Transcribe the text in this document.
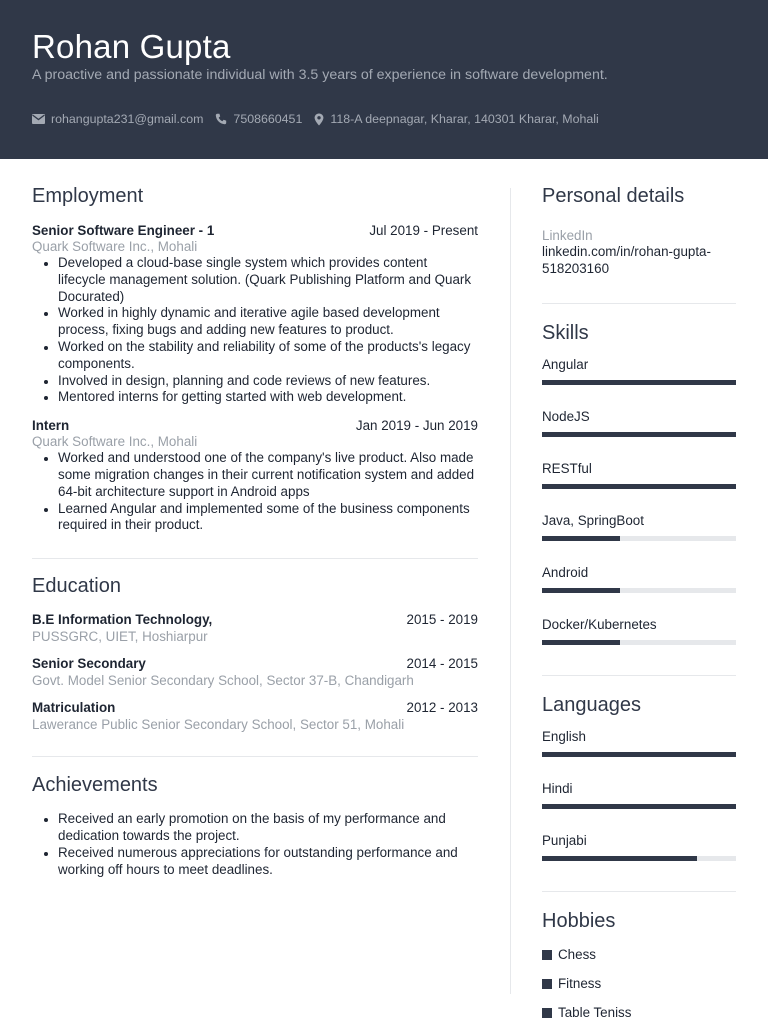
Rohan Gupta
A proactive and passionate individual with 3.5 years of experience in software development.
rohangupta231@gmail.com 7508660451 118-A deepnagar, Kharar, 140301 Kharar, Mohali
Employment
Senior Software Engineer - 1	Jul 2019 - Present
Quark Software Inc., Mohali
Developed a cloud-base single system which provides content lifecycle management solution. (Quark Publishing Platform and Quark Docurated)
Worked in highly dynamic and iterative agile based development process, fixing bugs and adding new features to product.
Worked on the stability and reliability of some of the products's legacy components.
Involved in design, planning and code reviews of new features.
Mentored interns for getting started with web development.
Intern	Jan 2019 - Jun 2019
Quark Software Inc., Mohali
Worked and understood one of the company's live product. Also made some migration changes in their current notification system and added 64-bit architecture support in Android apps
Learned Angular and implemented some of the business components required in their product.
Education
B.E Information Technology,	2015 - 2019
PUSSGRC, UIET, Hoshiarpur
Senior Secondary	2014 - 2015
Govt. Model Senior Secondary School, Sector 37-B, Chandigarh
Matriculation	2012 - 2013
Lawerance Public Senior Secondary School, Sector 51, Mohali
Achievements
Received an early promotion on the basis of my performance and dedication towards the project.
Received numerous appreciations for outstanding performance and working off hours to meet deadlines.
Personal details
LinkedIn
linkedin.com/in/rohan-gupta-518203160
Skills
Angular
NodeJS
RESTful
Java, SpringBoot
Android
Docker/Kubernetes
Languages
English
Hindi
Punjabi
Hobbies
Chess
Fitness
Table Teniss
